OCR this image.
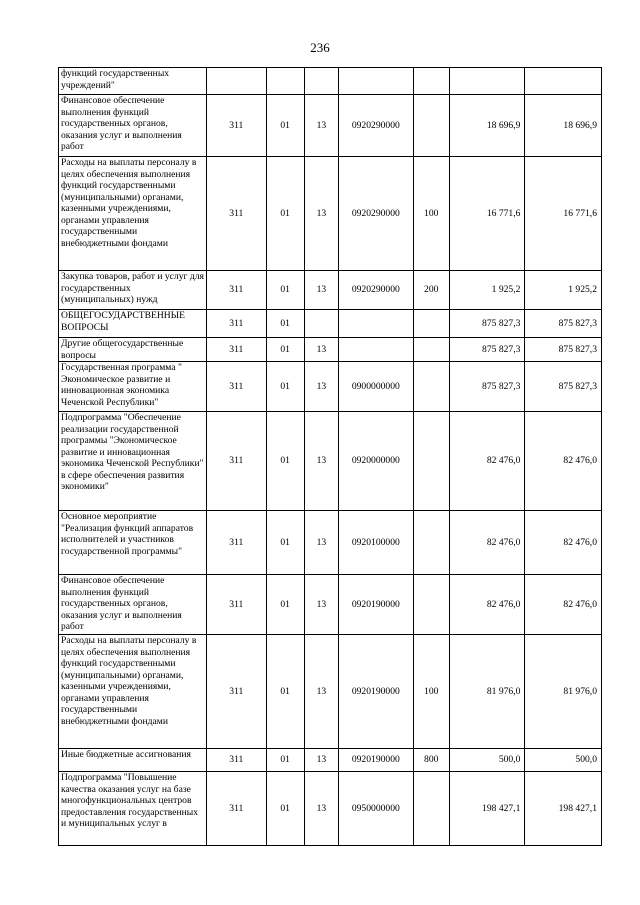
236
функций государственных учреждений"							
Финансовое обеспечение выполнения функций государственных органов, оказания услуг и выполнения работ	311	01	13	0920290000		18 696,9	18 696,9
Расходы на выплаты персоналу в целях обеспечения выполнения функций государственными (муниципальными) органами, казенными учреждениями, органами управления государственными внебюджетными фондами	311	01	13	0920290000	100	16 771,6	16 771,6
Закупка товаров, работ и услуг для государственных (муниципальных) нужд	311	01	13	0920290000	200	1 925,2	1 925,2
ОБЩЕГОСУДАРСТВЕННЫЕ ВОПРОСЫ	311	01				875 827,3	875 827,3
Другие общегосударственные вопросы	311	01	13			875 827,3	875 827,3
Государственная программа " Экономическое развитие и инновационная экономика Чеченской Республики"	311	01	13	0900000000		875 827,3	875 827,3
Подпрограмма "Обеспечение реализации государственной программы "Экономическое развитие и инновационная экономика Чеченской Республики" в сфере обеспечения развития экономики"	311	01	13	0920000000		82 476,0	82 476,0
Основное мероприятие "Реализация функций аппаратов исполнителей и участников государственной программы"	311	01	13	0920100000		82 476,0	82 476,0
Финансовое обеспечение выполнения функций государственных органов, оказания услуг и выполнения работ	311	01	13	0920190000		82 476,0	82 476,0
Расходы на выплаты персоналу в целях обеспечения выполнения функций государственными (муниципальными) органами, казенными учреждениями, органами управления государственными внебюджетными фондами	311	01	13	0920190000	100	81 976,0	81 976,0
Иные бюджетные ассигнования	311	01	13	0920190000	800	500,0	500,0
Подпрограмма "Повышение качества оказания услуг на базе многофункциональных центров предоставления государственных и муниципальных услуг в	311	01	13	0950000000		198 427,1	198 427,1
